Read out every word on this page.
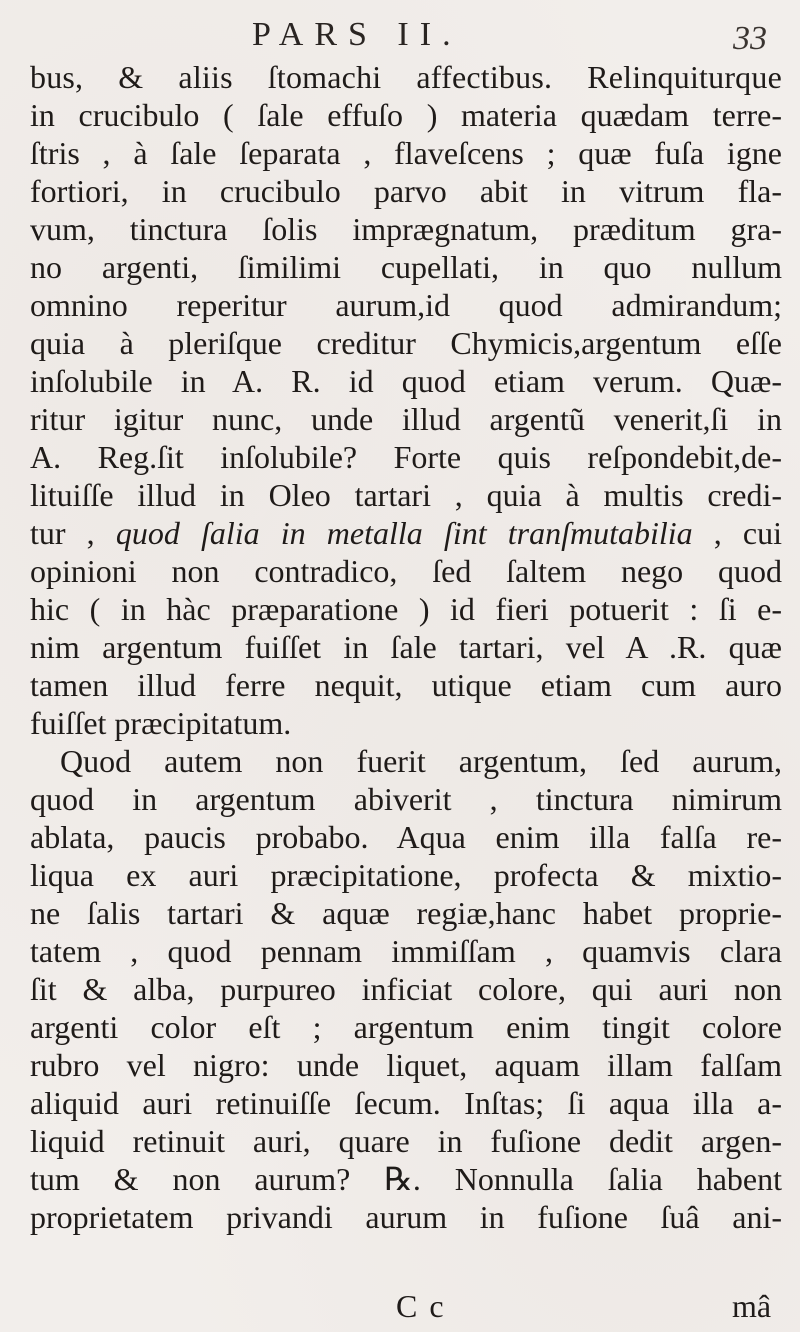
PARS II.	33
bus, & aliis ſtomachi affectibus. Relinquiturque
in crucibulo ( ſale effuſo ) materia quædam terre-
ſtris , à ſale ſeparata , flaveſcens ; quæ fuſa igne
fortiori, in crucibulo parvo abit in vitrum fla-
vum, tinctura ſolis imprægnatum, præditum gra-
no argenti, ſimilimi cupellati, in quo nullum
omnino reperitur aurum,id quod admirandum;
quia à pleriſque creditur Chymicis,argentum eſſe
inſolubile in A. R. id quod etiam verum. Quæ-
ritur igitur nunc, unde illud argentũ venerit,ſi in
A. Reg.ſit inſolubile? Forte quis reſpondebit,de-
lituiſſe illud in Oleo tartari , quia à multis credi-
tur , quod ſalia in metalla ſint tranſmutabilia , cui
opinioni non contradico, ſed ſaltem nego quod
hic ( in hàc præparatione ) id fieri potuerit : ſi e-
nim argentum fuiſſet in ſale tartari, vel A .R. quæ
tamen illud ferre nequit, utique etiam cum auro
fuiſſet præcipitatum.
Quod autem non fuerit argentum, ſed aurum,
quod in argentum abiverit , tinctura nimirum
ablata, paucis probabo. Aqua enim illa falſa re-
liqua ex auri præcipitatione, profecta & mixtio-
ne ſalis tartari & aquæ regiæ,hanc habet proprie-
tatem , quod pennam immiſſam , quamvis clara
ſit & alba, purpureo inficiat colore, qui auri non
argenti color eſt ; argentum enim tingit colore
rubro vel nigro: unde liquet, aquam illam falſam
aliquid auri retinuiſſe ſecum. Inſtas; ſi aqua illa a-
liquid retinuit auri, quare in fuſione dedit argen-
tum & non aurum? ℞. Nonnulla ſalia habent
proprietatem privandi aurum in fuſione ſuâ ani-
C c	mâ
